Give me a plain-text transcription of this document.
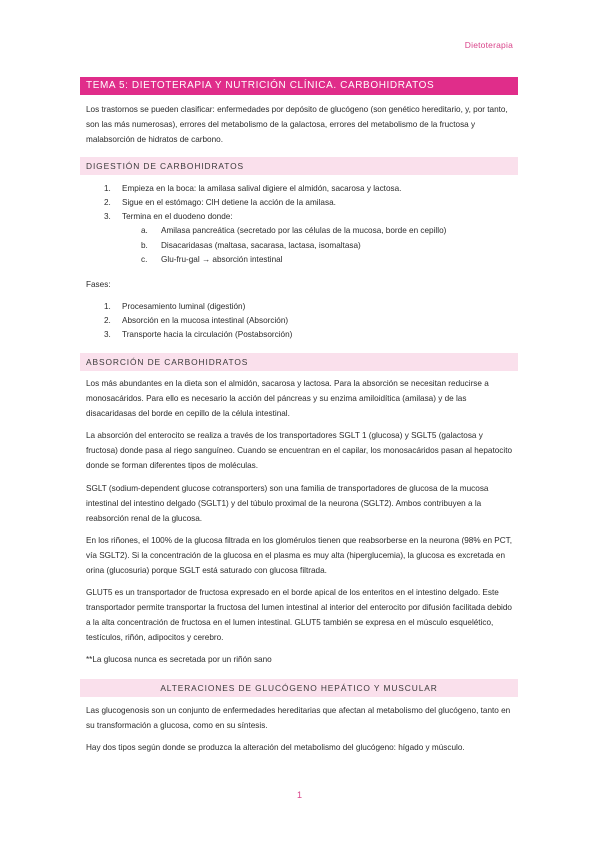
Dietoterapia
TEMA 5: DIETOTERAPIA Y NUTRICIÓN CLÍNICA. CARBOHIDRATOS

Los trastornos se pueden clasificar: enfermedades por depósito de glucógeno (son genético hereditario, y, por tanto, son las más numerosas), errores del metabolismo de la galactosa, errores del metabolismo de la fructosa y malabsorción de hidratos de carbono.

DIGESTIÓN DE CARBOHIDRATOS
1. Empieza en la boca: la amilasa salival digiere el almidón, sacarosa y lactosa.
2. Sigue en el estómago: ClH detiene la acción de la amilasa.
3. Termina en el duodeno donde:
a. Amilasa pancreática (secretado por las células de la mucosa, borde en cepillo)
b. Disacaridasas (maltasa, sacarasa, lactasa, isomaltasa)
c. Glu-fru-gal → absorción intestinal
Fases:
1. Procesamiento luminal (digestión)
2. Absorción en la mucosa intestinal (Absorción)
3. Transporte hacia la circulación (Postabsorción)
ABSORCIÓN DE CARBOHIDRATOS

Los más abundantes en la dieta son el almidón, sacarosa y lactosa. Para la absorción se necesitan reducirse a monosacáridos. Para ello es necesario la acción del páncreas y su enzima amiloidítica (amilasa) y de las disacaridasas del borde en cepillo de la célula intestinal.

La absorción del enterocito se realiza a través de los transportadores SGLT 1 (glucosa) y SGLT5 (galactosa y fructosa) donde pasa al riego sanguíneo. Cuando se encuentran en el capilar, los monosacáridos pasan al hepatocito donde se forman diferentes tipos de moléculas.

SGLT (sodium-dependent glucose cotransporters) son una familia de transportadores de glucosa de la mucosa intestinal del intestino delgado (SGLT1) y del túbulo proximal de la neurona (SGLT2). Ambos contribuyen a la reabsorción renal de la glucosa.

En los riñones, el 100% de la glucosa filtrada en los glomérulos tienen que reabsorberse en la neurona (98% en PCT, vía SGLT2). Si la concentración de la glucosa en el plasma es muy alta (hiperglucemia), la glucosa es excretada en orina (glucosuria) porque SGLT está saturado con glucosa filtrada.

GLUT5 es un transportador de fructosa expresado en el borde apical de los enteritos en el intestino delgado. Este transportador permite transportar la fructosa del lumen intestinal al interior del enterocito por difusión facilitada debido a la alta concentración de fructosa en el lumen intestinal. GLUT5 también se expresa en el músculo esquelético, testículos, riñón, adipocitos y cerebro.

**La glucosa nunca es secretada por un riñón sano

ALTERACIONES DE GLUCÓGENO HEPÁTICO Y MUSCULAR

Las glucogenosis son un conjunto de enfermedades hereditarias que afectan al metabolismo del glucógeno, tanto en su transformación a glucosa, como en su síntesis.

Hay dos tipos según donde se produzca la alteración del metabolismo del glucógeno: hígado y músculo.

1
